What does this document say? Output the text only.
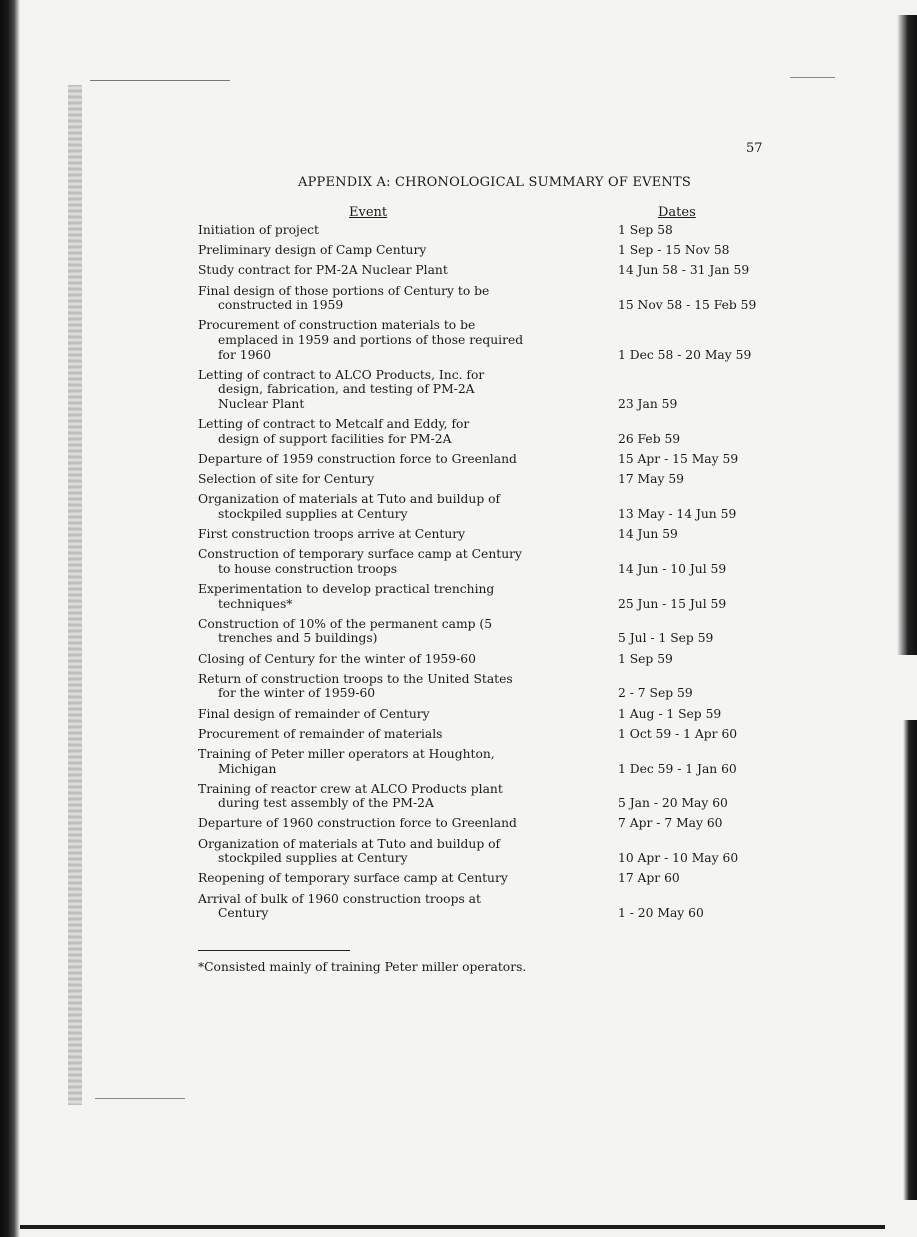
57
APPENDIX A: CHRONOLOGICAL SUMMARY OF EVENTS
Event	Dates
Initiation of project	1 Sep 58
Preliminary design of Camp Century	1 Sep - 15 Nov 58
Study contract for PM-2A Nuclear Plant	14 Jun 58 - 31 Jan 59
Final design of those portions of Century to be
constructed in 1959	15 Nov 58 - 15 Feb 59
Procurement of construction materials to be
emplaced in 1959 and portions of those required
for 1960	1 Dec 58 - 20 May 59
Letting of contract to ALCO Products, Inc. for
design, fabrication, and testing of PM-2A
Nuclear Plant	23 Jan 59
Letting of contract to Metcalf and Eddy, for
design of support facilities for PM-2A	26 Feb 59
Departure of 1959 construction force to Greenland	15 Apr - 15 May 59
Selection of site for Century	17 May 59
Organization of materials at Tuto and buildup of
stockpiled supplies at Century	13 May - 14 Jun 59
First construction troops arrive at Century	14 Jun 59
Construction of temporary surface camp at Century
to house construction troops	14 Jun - 10 Jul 59
Experimentation to develop practical trenching
techniques*	25 Jun - 15 Jul 59
Construction of 10% of the permanent camp (5
trenches and 5 buildings)	5 Jul - 1 Sep 59
Closing of Century for the winter of 1959-60	1 Sep 59
Return of construction troops to the United States
for the winter of 1959-60	2 - 7 Sep 59
Final design of remainder of Century	1 Aug - 1 Sep 59
Procurement of remainder of materials	1 Oct 59 - 1 Apr 60
Training of Peter miller operators at Houghton,
Michigan	1 Dec 59 - 1 Jan 60
Training of reactor crew at ALCO Products plant
during test assembly of the PM-2A	5 Jan - 20 May 60
Departure of 1960 construction force to Greenland	7 Apr - 7 May 60
Organization of materials at Tuto and buildup of
stockpiled supplies at Century	10 Apr - 10 May 60
Reopening of temporary surface camp at Century	17 Apr 60
Arrival of bulk of 1960 construction troops at
Century	1 - 20 May 60
*Consisted mainly of training Peter miller operators.
